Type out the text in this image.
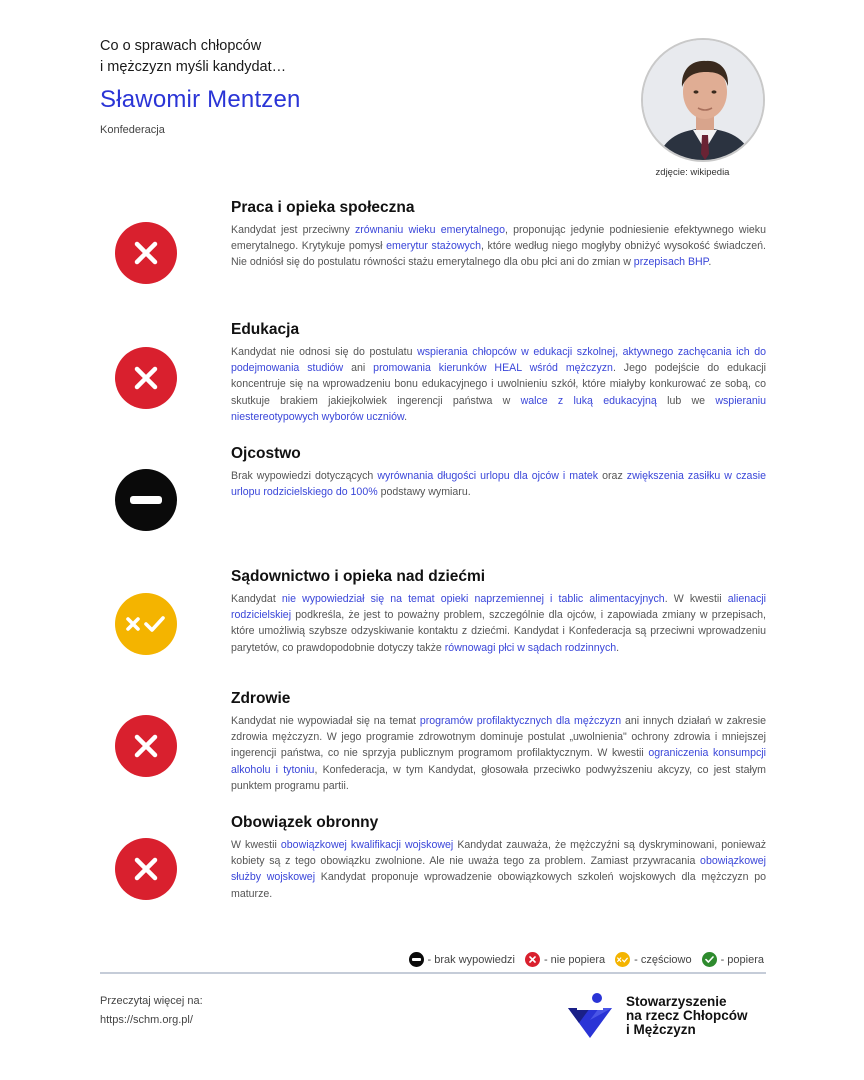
Co o sprawach chłopców
i mężczyzn myśli kandydat…
Sławomir Mentzen
Konfederacja
zdjęcie: wikipedia
Praca i opieka społeczna
Kandydat jest przeciwny zrównaniu wieku emerytalnego, proponując jedynie podniesienie efektywnego wieku emerytalnego. Krytykuje pomysł emerytur stażowych, które według niego mogłyby obniżyć wysokość świadczeń. Nie odniósł się do postulatu równości stażu emerytalnego dla obu płci ani do zmian w przepisach BHP.
Edukacja
Kandydat nie odnosi się do postulatu wspierania chłopców w edukacji szkolnej, aktywnego zachęcania ich do podejmowania studiów ani promowania kierunków HEAL wśród mężczyzn. Jego podejście do edukacji koncentruje się na wprowadzeniu bonu edukacyjnego i uwolnieniu szkół, które miałyby konkurować ze sobą, co skutkuje brakiem jakiejkolwiek ingerencji państwa w walce z luką edukacyjną lub we wspieraniu niestereotypowych wyborów uczniów.
Ojcostwo
Brak wypowiedzi dotyczących wyrównania długości urlopu dla ojców i matek oraz zwiększenia zasiłku w czasie urlopu rodzicielskiego do 100% podstawy wymiaru.
Sądownictwo i opieka nad dziećmi
Kandydat nie wypowiedział się na temat opieki naprzemiennej i tablic alimentacyjnych. W kwestii alienacji rodzicielskiej podkreśla, że jest to poważny problem, szczególnie dla ojców, i zapowiada zmiany w przepisach, które umożliwią szybsze odzyskiwanie kontaktu z dziećmi. Kandydat i Konfederacja są przeciwni wprowadzeniu parytetów, co prawdopodobnie dotyczy także równowagi płci w sądach rodzinnych.
Zdrowie
Kandydat nie wypowiadał się na temat programów profilaktycznych dla mężczyzn ani innych działań w zakresie zdrowia mężczyzn. W jego programie zdrowotnym dominuje postulat „uwolnienia" ochrony zdrowia i mniejszej ingerencji państwa, co nie sprzyja publicznym programom profilaktycznym. W kwestii ograniczenia konsumpcji alkoholu i tytoniu, Konfederacja, w tym Kandydat, głosowała przeciwko podwyższeniu akcyzy, co jest stałym punktem programu partii.
Obowiązek obronny
W kwestii obowiązkowej kwalifikacji wojskowej Kandydat zauważa, że mężczyźni są dyskryminowani, ponieważ kobiety są z tego obowiązku zwolnione. Ale nie uważa tego za problem. Zamiast przywracania obowiązkowej służby wojskowej Kandydat proponuje wprowadzenie obowiązkowych szkoleń wojskowych dla mężczyzn po maturze.
- brak wypowiedzi	- nie popiera	- częściowo	- popiera
Przeczytaj więcej na:
https://schm.org.pl/
Stowarzyszenie
na rzecz Chłopców
i Mężczyzn
